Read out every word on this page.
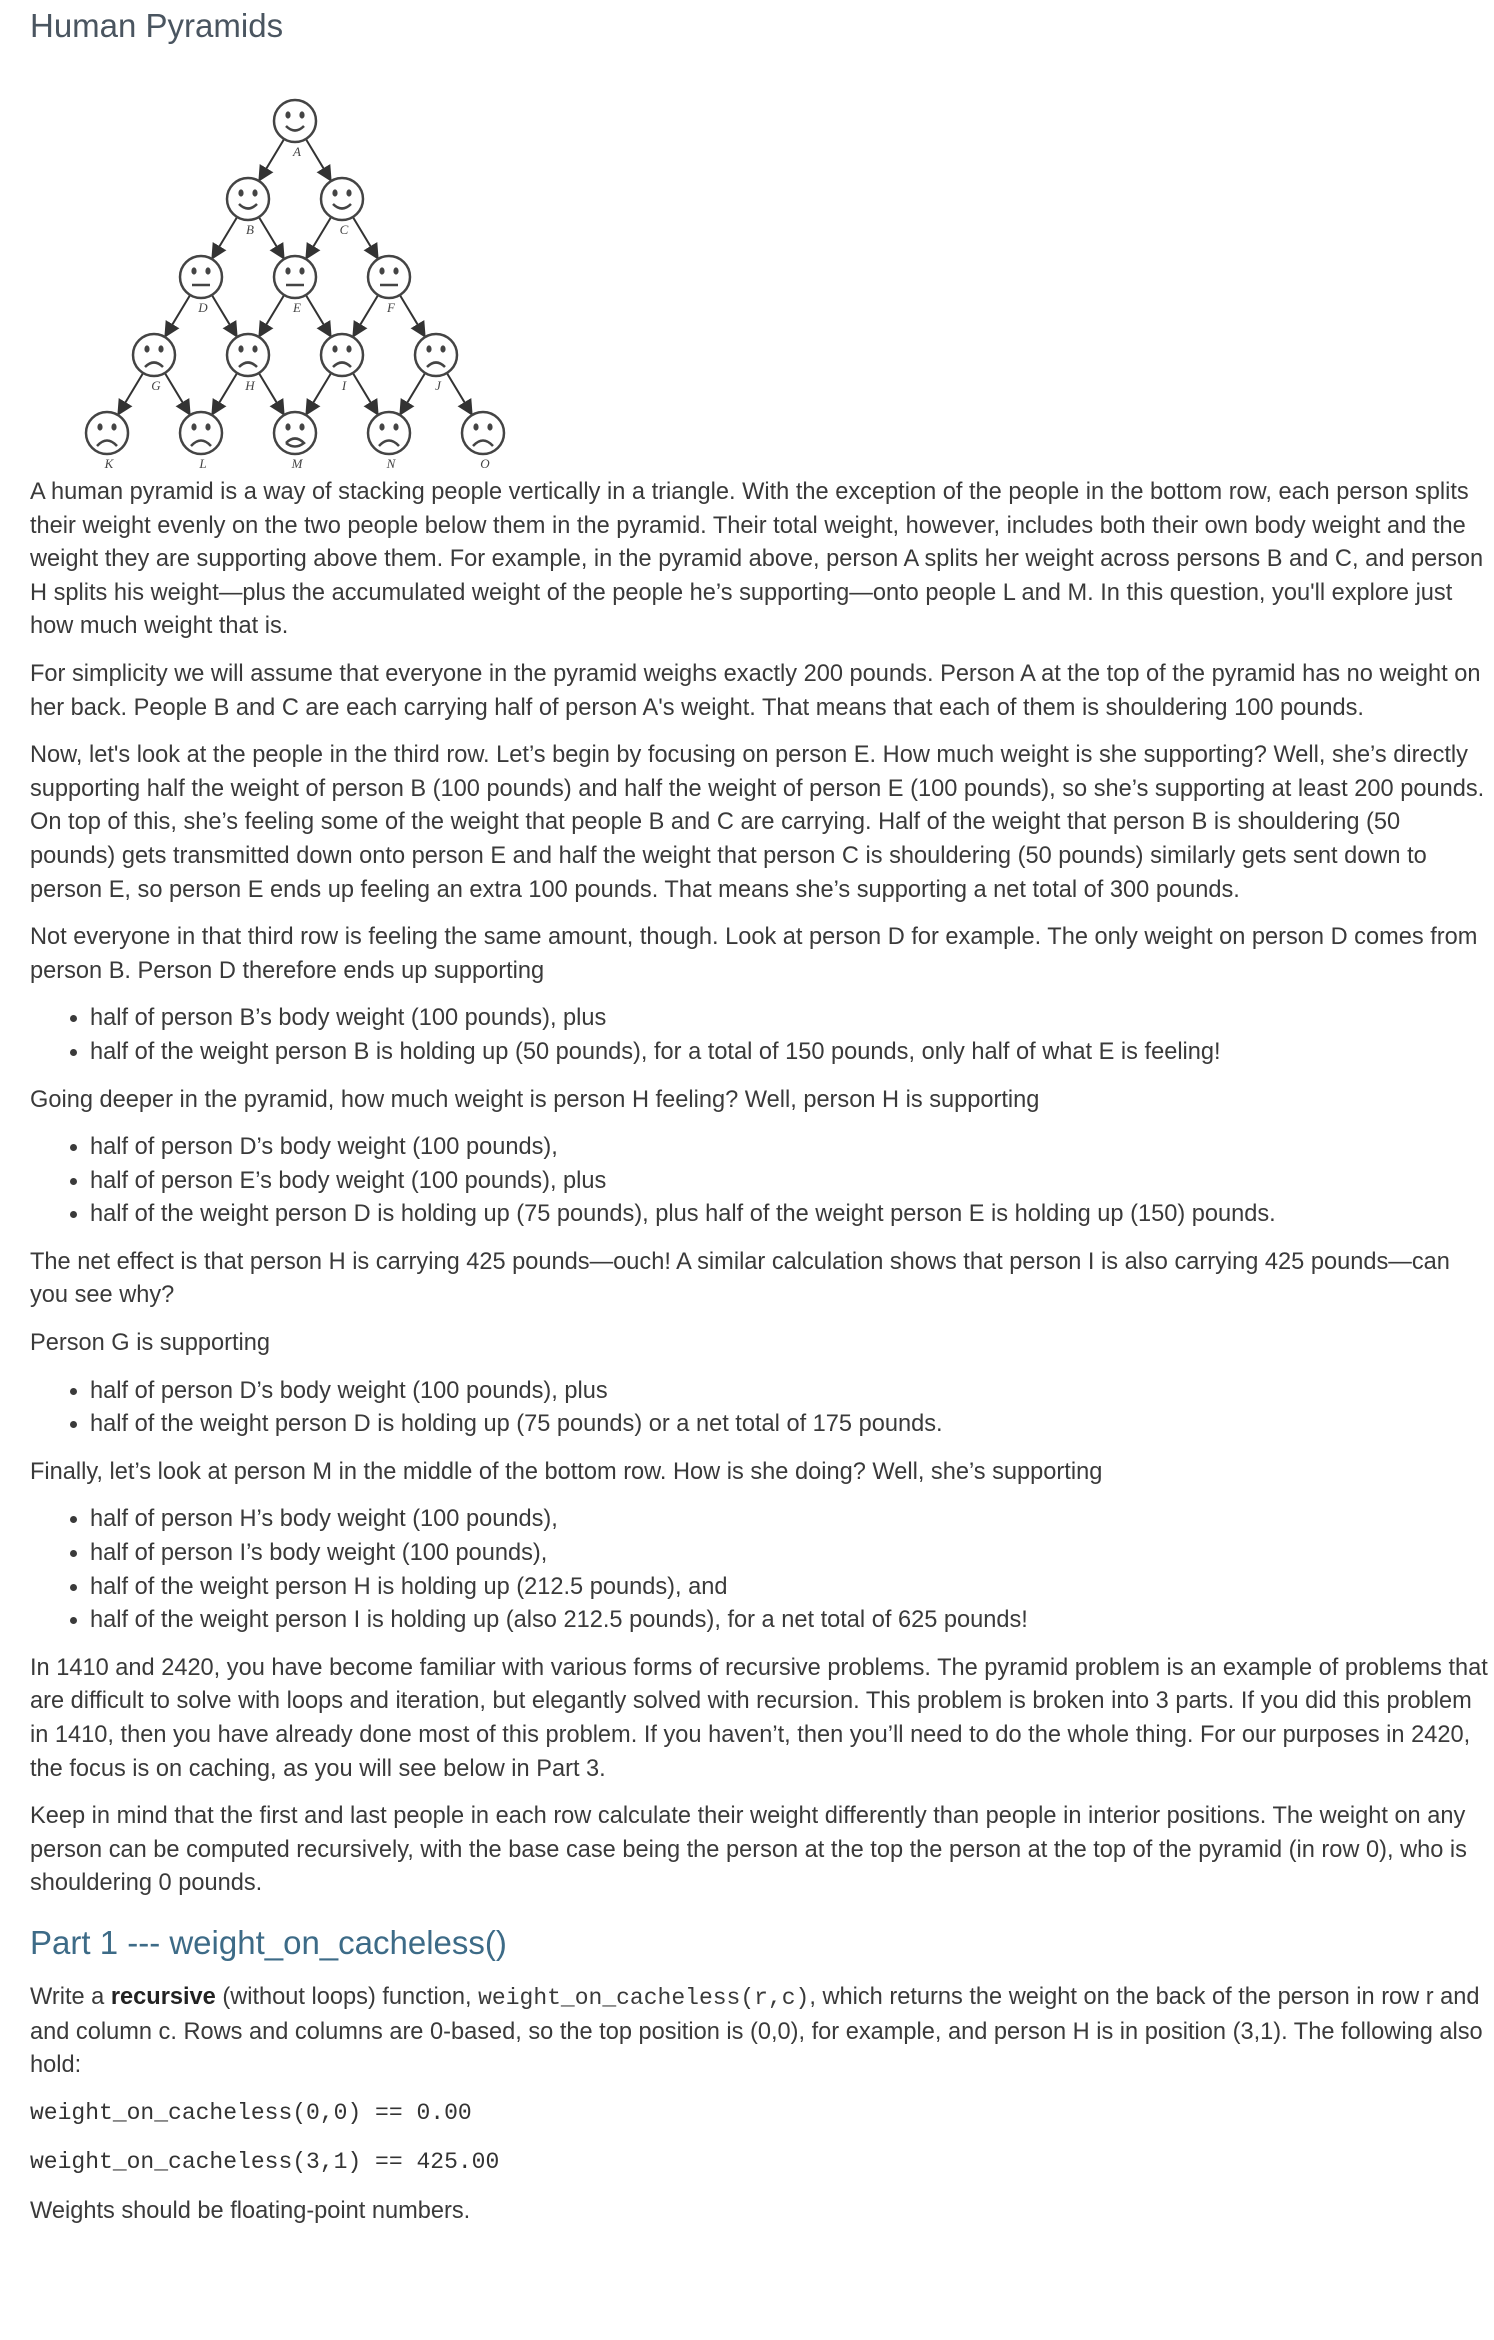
Human Pyramids
A
B	C
D	E	F
G	H	I	J
K	L	M	N	O

A human pyramid is a way of stacking people vertically in a triangle. With the exception of the people in the bottom row, each person splits their weight evenly on the two people below them in the pyramid. Their total weight, however, includes both their own body weight and the weight they are supporting above them. For example, in the pyramid above, person A splits her weight across persons B and C, and person H splits his weight—plus the accumulated weight of the people he’s supporting—onto people L and M. In this question, you'll explore just how much weight that is.

For simplicity we will assume that everyone in the pyramid weighs exactly 200 pounds. Person A at the top of the pyramid has no weight on her back. People B and C are each carrying half of person A's weight. That means that each of them is shouldering 100 pounds.

Now, let's look at the people in the third row. Let’s begin by focusing on person E. How much weight is she supporting? Well, she’s directly supporting half the weight of person B (100 pounds) and half the weight of person E (100 pounds), so she’s supporting at least 200 pounds. On top of this, she’s feeling some of the weight that people B and C are carrying. Half of the weight that person B is shouldering (50 pounds) gets transmitted down onto person E and half the weight that person C is shouldering (50 pounds) similarly gets sent down to person E, so person E ends up feeling an extra 100 pounds. That means she’s supporting a net total of 300 pounds.

Not everyone in that third row is feeling the same amount, though. Look at person D for example. The only weight on person D comes from person B. Person D therefore ends up supporting

• half of person B’s body weight (100 pounds), plus
• half of the weight person B is holding up (50 pounds), for a total of 150 pounds, only half of what E is feeling!

Going deeper in the pyramid, how much weight is person H feeling? Well, person H is supporting

• half of person D’s body weight (100 pounds),
• half of person E’s body weight (100 pounds), plus
• half of the weight person D is holding up (75 pounds), plus half of the weight person E is holding up (150) pounds.

The net effect is that person H is carrying 425 pounds—ouch! A similar calculation shows that person I is also carrying 425 pounds—can you see why?

Person G is supporting

• half of person D’s body weight (100 pounds), plus
• half of the weight person D is holding up (75 pounds) or a net total of 175 pounds.

Finally, let’s look at person M in the middle of the bottom row. How is she doing? Well, she’s supporting

• half of person H’s body weight (100 pounds),
• half of person I’s body weight (100 pounds),
• half of the weight person H is holding up (212.5 pounds), and
• half of the weight person I is holding up (also 212.5 pounds), for a net total of 625 pounds!

In 1410 and 2420, you have become familiar with various forms of recursive problems. The pyramid problem is an example of problems that are difficult to solve with loops and iteration, but elegantly solved with recursion. This problem is broken into 3 parts. If you did this problem in 1410, then you have already done most of this problem. If you haven’t, then you’ll need to do the whole thing. For our purposes in 2420, the focus is on caching, as you will see below in Part 3.

Keep in mind that the first and last people in each row calculate their weight differently than people in interior positions. The weight on any person can be computed recursively, with the base case being the person at the top the person at the top of the pyramid (in row 0), who is shouldering 0 pounds.

Part 1 --- weight_on_cacheless()

Write a recursive (without loops) function, weight_on_cacheless(r,c), which returns the weight on the back of the person in row r and and column c. Rows and columns are 0-based, so the top position is (0,0), for example, and person H is in position (3,1). The following also hold:

weight_on_cacheless(0,0) == 0.00
weight_on_cacheless(3,1) == 425.00

Weights should be floating-point numbers.
